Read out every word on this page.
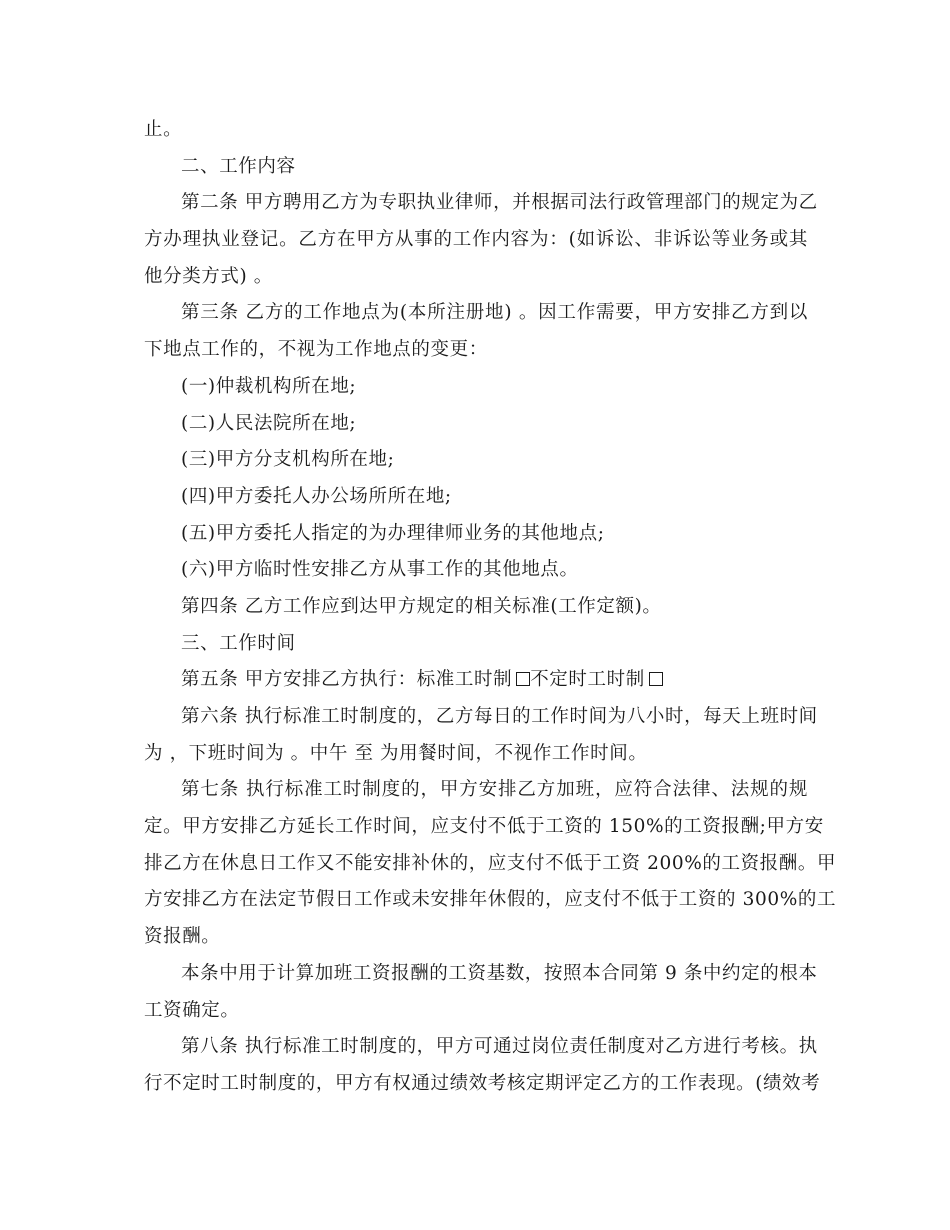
止。
二、工作内容
第二条 甲方聘用乙方为专职执业律师，并根据司法行政管理部门的规定为乙
方办理执业登记。乙方在甲方从事的工作内容为：(如诉讼、非诉讼等业务或其
他分类方式) 。
第三条 乙方的工作地点为(本所注册地) 。因工作需要，甲方安排乙方到以
下地点工作的，不视为工作地点的变更：
(一)仲裁机构所在地;
(二)人民法院所在地;
(三)甲方分支机构所在地;
(四)甲方委托人办公场所所在地;
(五)甲方委托人指定的为办理律师业务的其他地点;
(六)甲方临时性安排乙方从事工作的其他地点。
第四条 乙方工作应到达甲方规定的相关标准(工作定额)。
三、工作时间
第五条 甲方安排乙方执行：标准工时制 不定时工时制
第六条 执行标准工时制度的，乙方每日的工作时间为八小时，每天上班时间
为 ，下班时间为 。中午 至 为用餐时间，不视作工作时间。
第七条 执行标准工时制度的，甲方安排乙方加班，应符合法律、法规的规
定。甲方安排乙方延长工作时间，应支付不低于工资的 150%的工资报酬;甲方安
排乙方在休息日工作又不能安排补休的，应支付不低于工资 200%的工资报酬。甲
方安排乙方在法定节假日工作或未安排年休假的，应支付不低于工资的 300%的工
资报酬。
本条中用于计算加班工资报酬的工资基数，按照本合同第 9 条中约定的根本
工资确定。
第八条 执行标准工时制度的，甲方可通过岗位责任制度对乙方进行考核。执
行不定时工时制度的，甲方有权通过绩效考核定期评定乙方的工作表现。(绩效考
